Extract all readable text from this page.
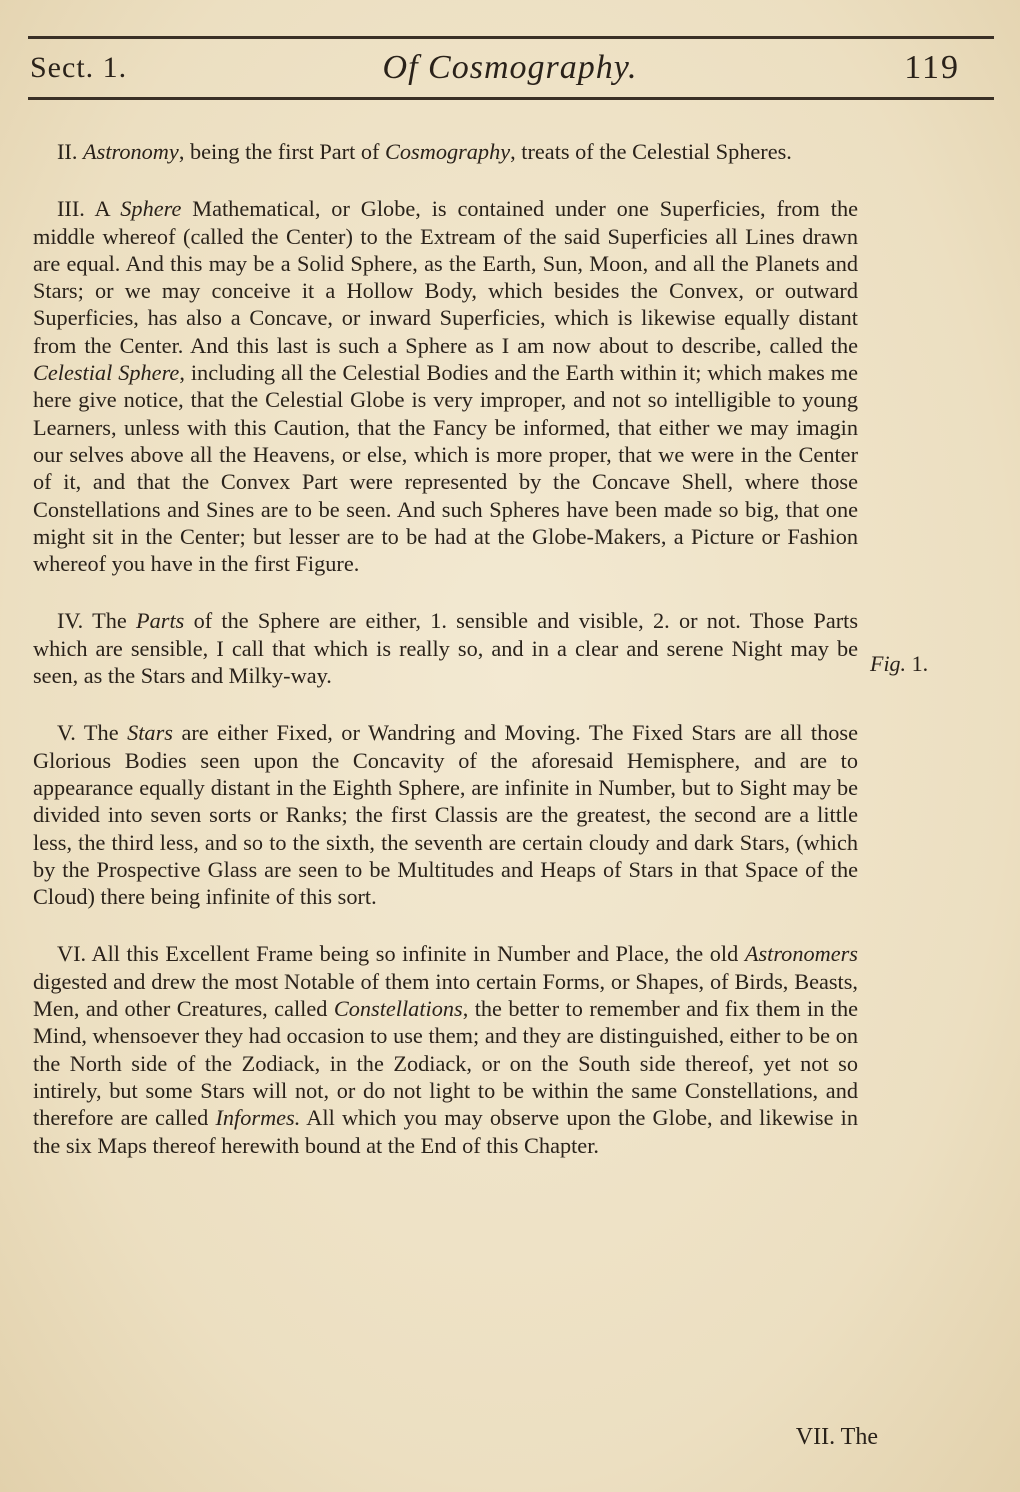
Sect. 1.	Of Cosmography.	119

II. Astronomy, being the first Part of Cosmography, treats of the Celestial Spheres.

III. A Sphere Mathematical, or Globe, is contained under one Superficies, from the middle whereof (called the Center) to the Extream of the said Superficies all Lines drawn are equal. And this may be a Solid Sphere, as the Earth, Sun, Moon, and all the Planets and Stars; or we may conceive it a Hollow Body, which besides the Convex, or outward Superficies, has also a Concave, or inward Superficies, which is likewise equally distant from the Center. And this last is such a Sphere as I am now about to describe, called the Celestial Sphere, including all the Celestial Bodies and the Earth within it; which makes me here give notice, that the Celestial Globe is very improper, and not so intelligible to young Learners, unless with this Caution, that the Fancy be informed, that either we may imagin our selves above all the Heavens, or else, which is more proper, that we were in the Center of it, and that the Convex Part were represented by the Concave Shell, where those Constellations and Sines are to be seen. And such Spheres have been made so big, that one might sit in the Center; but lesser are to be had at the Globe-Makers, a Picture or Fashion whereof you have in the first Figure.

IV. The Parts of the Sphere are either, 1. sensible and visible, 2. or not. Those Parts which are sensible, I call that which is really so, and in a clear and serene Night may be seen, as the Stars and Milky-way.

V. The Stars are either Fixed, or Wandring and Moving. The Fixed Stars are all those Glorious Bodies seen upon the Concavity of the aforesaid Hemisphere, and are to appearance equally distant in the Eighth Sphere, are infinite in Number, but to Sight may be divided into seven sorts or Ranks; the first Classis are the greatest, the second are a little less, the third less, and so to the sixth, the seventh are certain cloudy and dark Stars, (which by the Prospective Glass are seen to be Multitudes and Heaps of Stars in that Space of the Cloud) there being infinite of this sort.

VI. All this Excellent Frame being so infinite in Number and Place, the old Astronomers digested and drew the most Notable of them into certain Forms, or Shapes, of Birds, Beasts, Men, and other Creatures, called Constellations, the better to remember and fix them in the Mind, whensoever they had occasion to use them; and they are distinguished, either to be on the North side of the Zodiack, in the Zodiack, or on the South side thereof, yet not so intirely, but some Stars will not, or do not light to be within the same Constellations, and therefore are called Informes. All which you may observe upon the Globe, and likewise in the six Maps thereof herewith bound at the End of this Chapter.

Fig. 1.
VII. The
